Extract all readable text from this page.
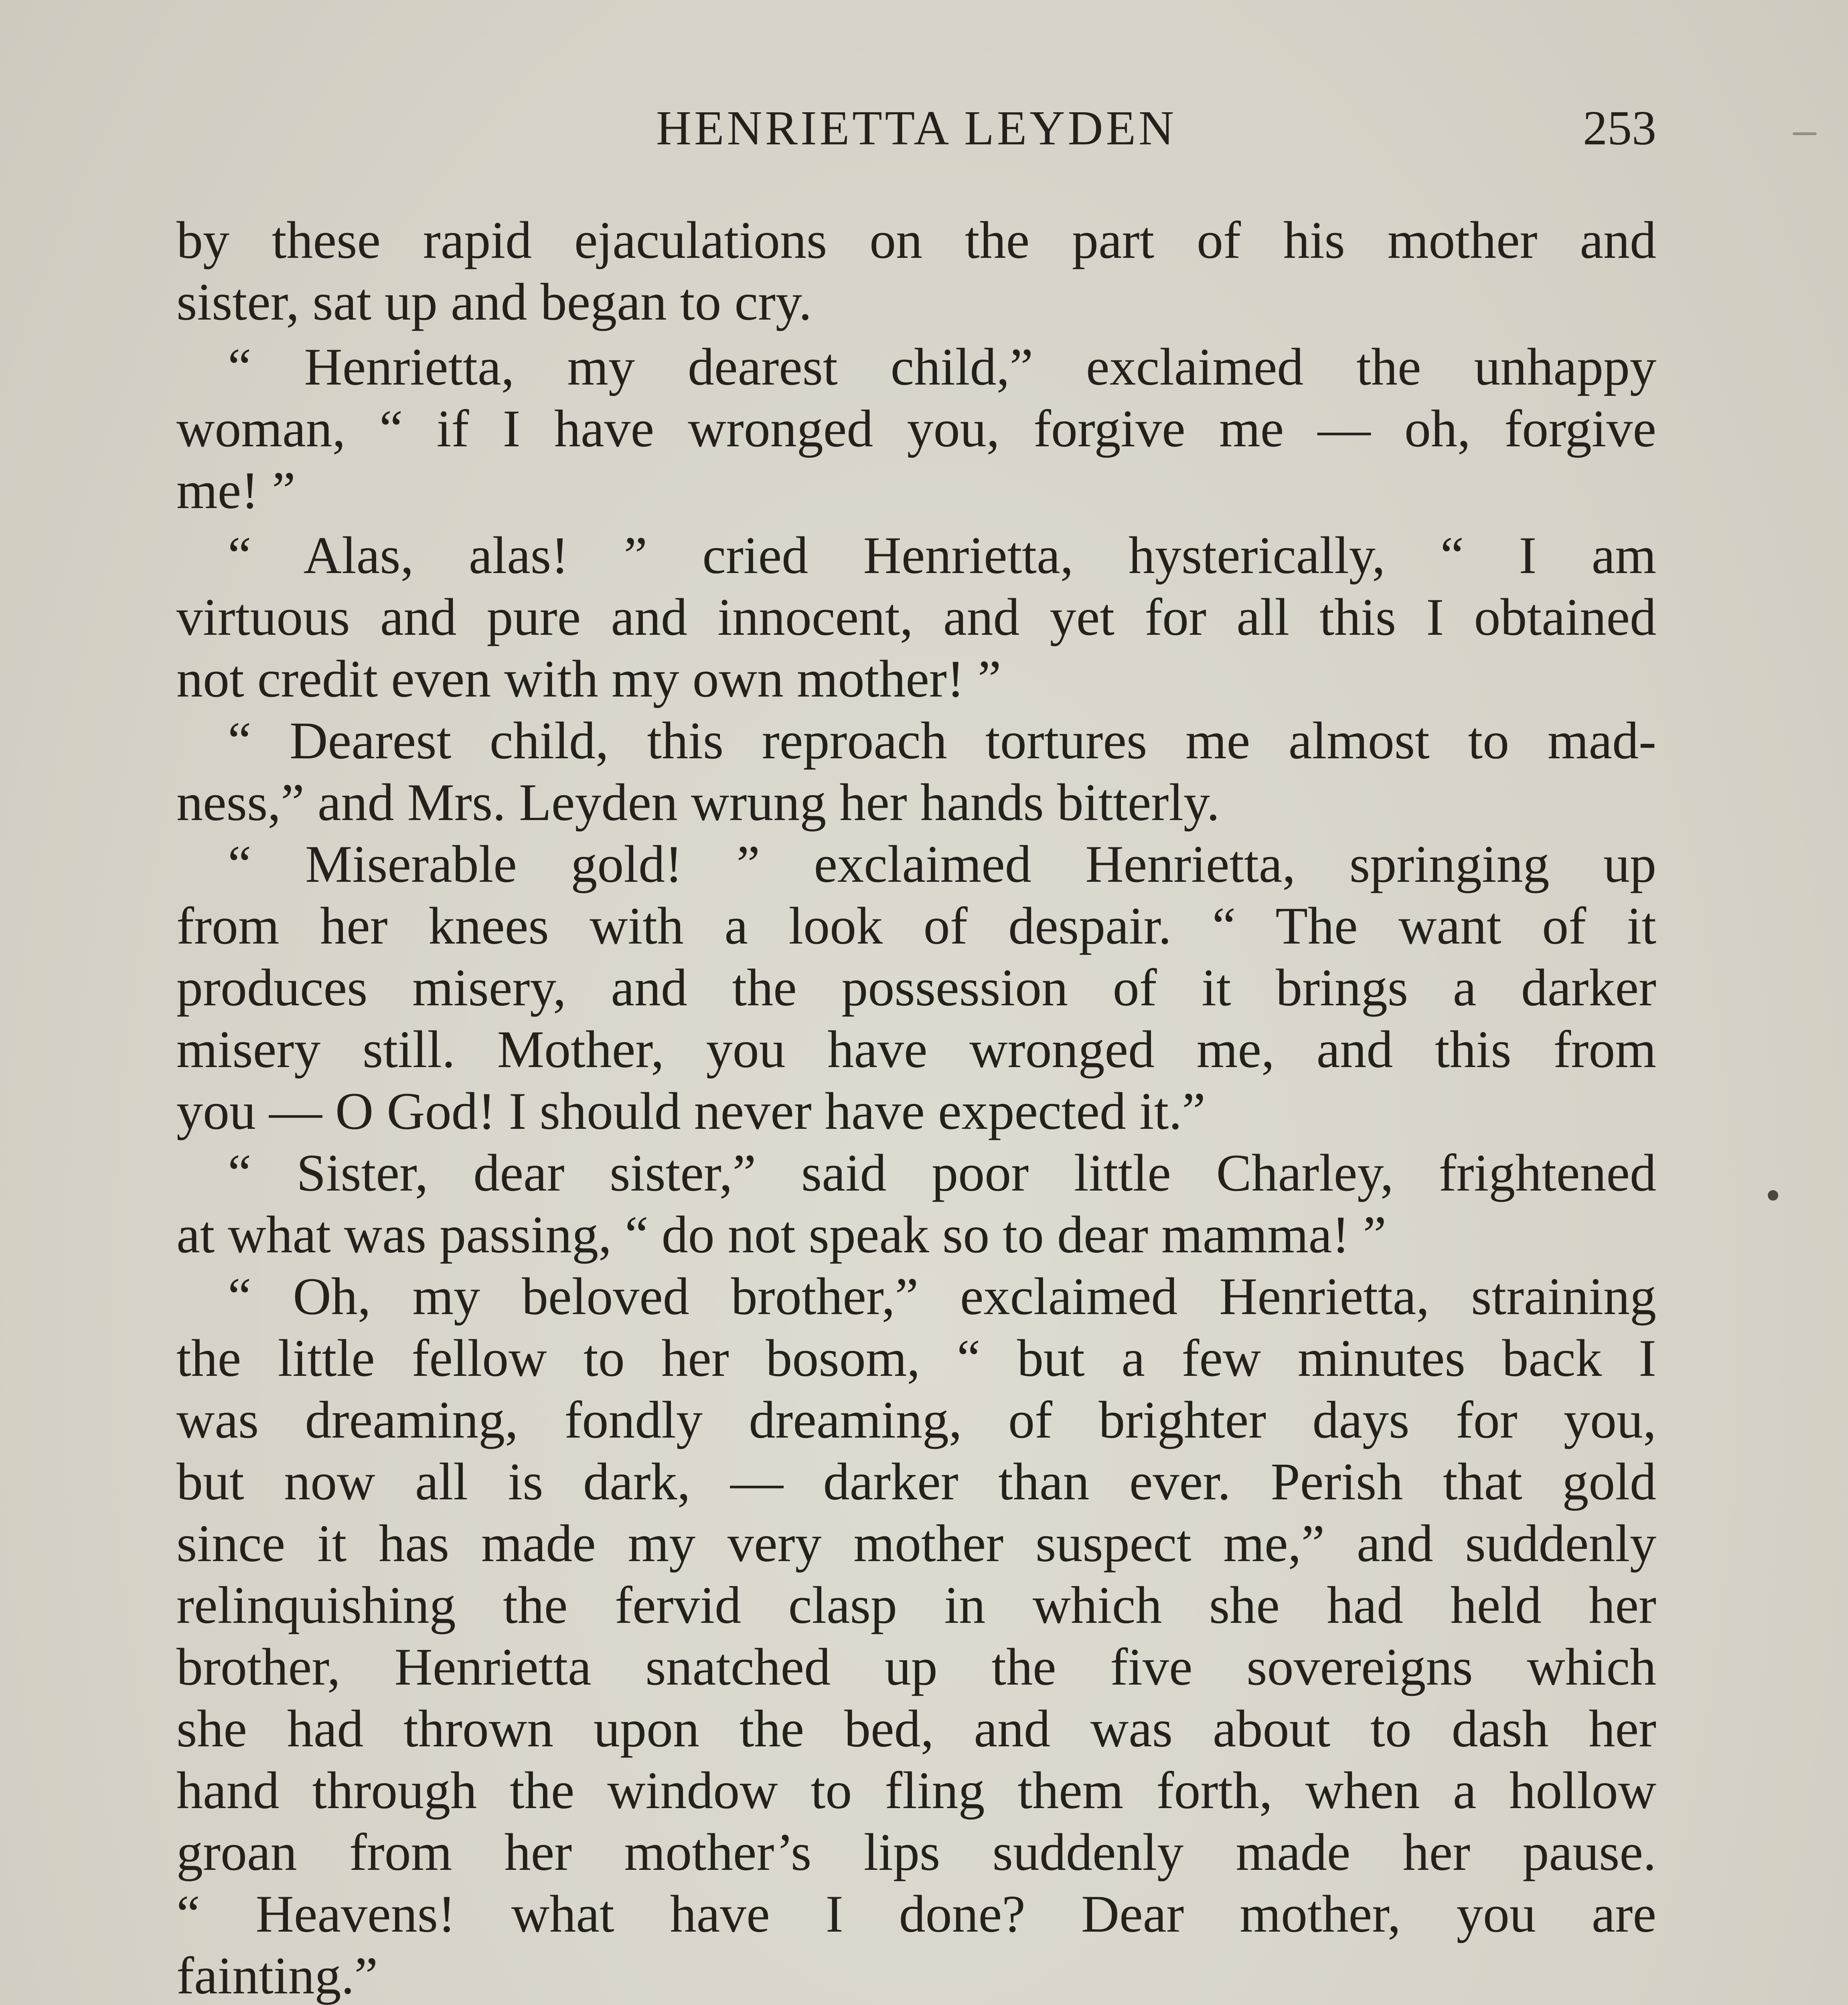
HENRIETTA LEYDEN	253
by these rapid ejaculations on the part of his mother and
sister, sat up and began to cry.
“ Henrietta, my dearest child,” exclaimed the unhappy
woman, “ if I have wronged you, forgive me — oh, forgive
me! ”
“ Alas, alas! ” cried Henrietta, hysterically, “ I am
virtuous and pure and innocent, and yet for all this I obtained
not credit even with my own mother! ”
“ Dearest child, this reproach tortures me almost to mad-
ness,” and Mrs. Leyden wrung her hands bitterly.
“ Miserable gold! ” exclaimed Henrietta, springing up
from her knees with a look of despair. “ The want of it
produces misery, and the possession of it brings a darker
misery still. Mother, you have wronged me, and this from
you — O God! I should never have expected it.”
“ Sister, dear sister,” said poor little Charley, frightened
at what was passing, “ do not speak so to dear mamma! ”
“ Oh, my beloved brother,” exclaimed Henrietta, straining
the little fellow to her bosom, “ but a few minutes back I
was dreaming, fondly dreaming, of brighter days for you,
but now all is dark, — darker than ever. Perish that gold
since it has made my very mother suspect me,” and suddenly
relinquishing the fervid clasp in which she had held her
brother, Henrietta snatched up the five sovereigns which
she had thrown upon the bed, and was about to dash her
hand through the window to fling them forth, when a hollow
groan from her mother’s lips suddenly made her pause.
“ Heavens! what have I done? Dear mother, you are
fainting.”
